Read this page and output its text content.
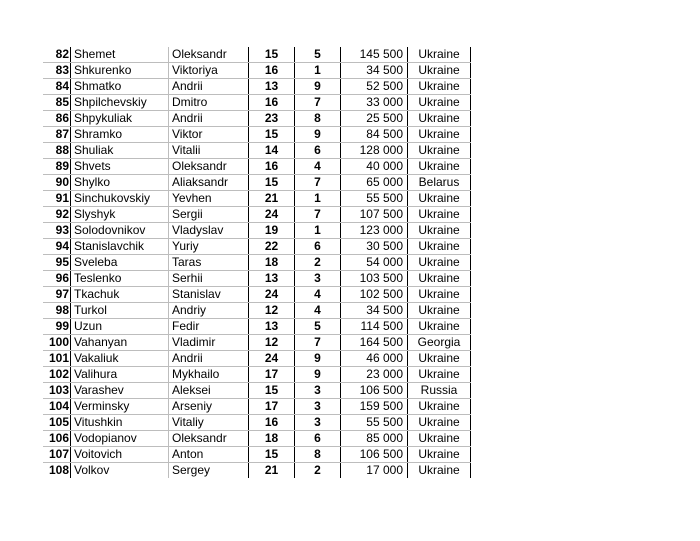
82	Shemet	Oleksandr	15	5	145 500	Ukraine
83	Shkurenko	Viktoriya	16	1	34 500	Ukraine
84	Shmatko	Andrii	13	9	52 500	Ukraine
85	Shpilchevskiy	Dmitro	16	7	33 000	Ukraine
86	Shpykuliak	Andrii	23	8	25 500	Ukraine
87	Shramko	Viktor	15	9	84 500	Ukraine
88	Shuliak	Vitalii	14	6	128 000	Ukraine
89	Shvets	Oleksandr	16	4	40 000	Ukraine
90	Shylko	Aliaksandr	15	7	65 000	Belarus
91	Sinchukovskiy	Yevhen	21	1	55 500	Ukraine
92	Slyshyk	Sergii	24	7	107 500	Ukraine
93	Solodovnikov	Vladyslav	19	1	123 000	Ukraine
94	Stanislavchik	Yuriy	22	6	30 500	Ukraine
95	Sveleba	Taras	18	2	54 000	Ukraine
96	Teslenko	Serhii	13	3	103 500	Ukraine
97	Tkachuk	Stanislav	24	4	102 500	Ukraine
98	Turkol	Andriy	12	4	34 500	Ukraine
99	Uzun	Fedir	13	5	114 500	Ukraine
100	Vahanyan	Vladimir	12	7	164 500	Georgia
101	Vakaliuk	Andrii	24	9	46 000	Ukraine
102	Valihura	Mykhailo	17	9	23 000	Ukraine
103	Varashev	Aleksei	15	3	106 500	Russia
104	Verminsky	Arseniy	17	3	159 500	Ukraine
105	Vitushkin	Vitaliy	16	3	55 500	Ukraine
106	Vodopianov	Oleksandr	18	6	85 000	Ukraine
107	Voitovich	Anton	15	8	106 500	Ukraine
108	Volkov	Sergey	21	2	17 000	Ukraine
